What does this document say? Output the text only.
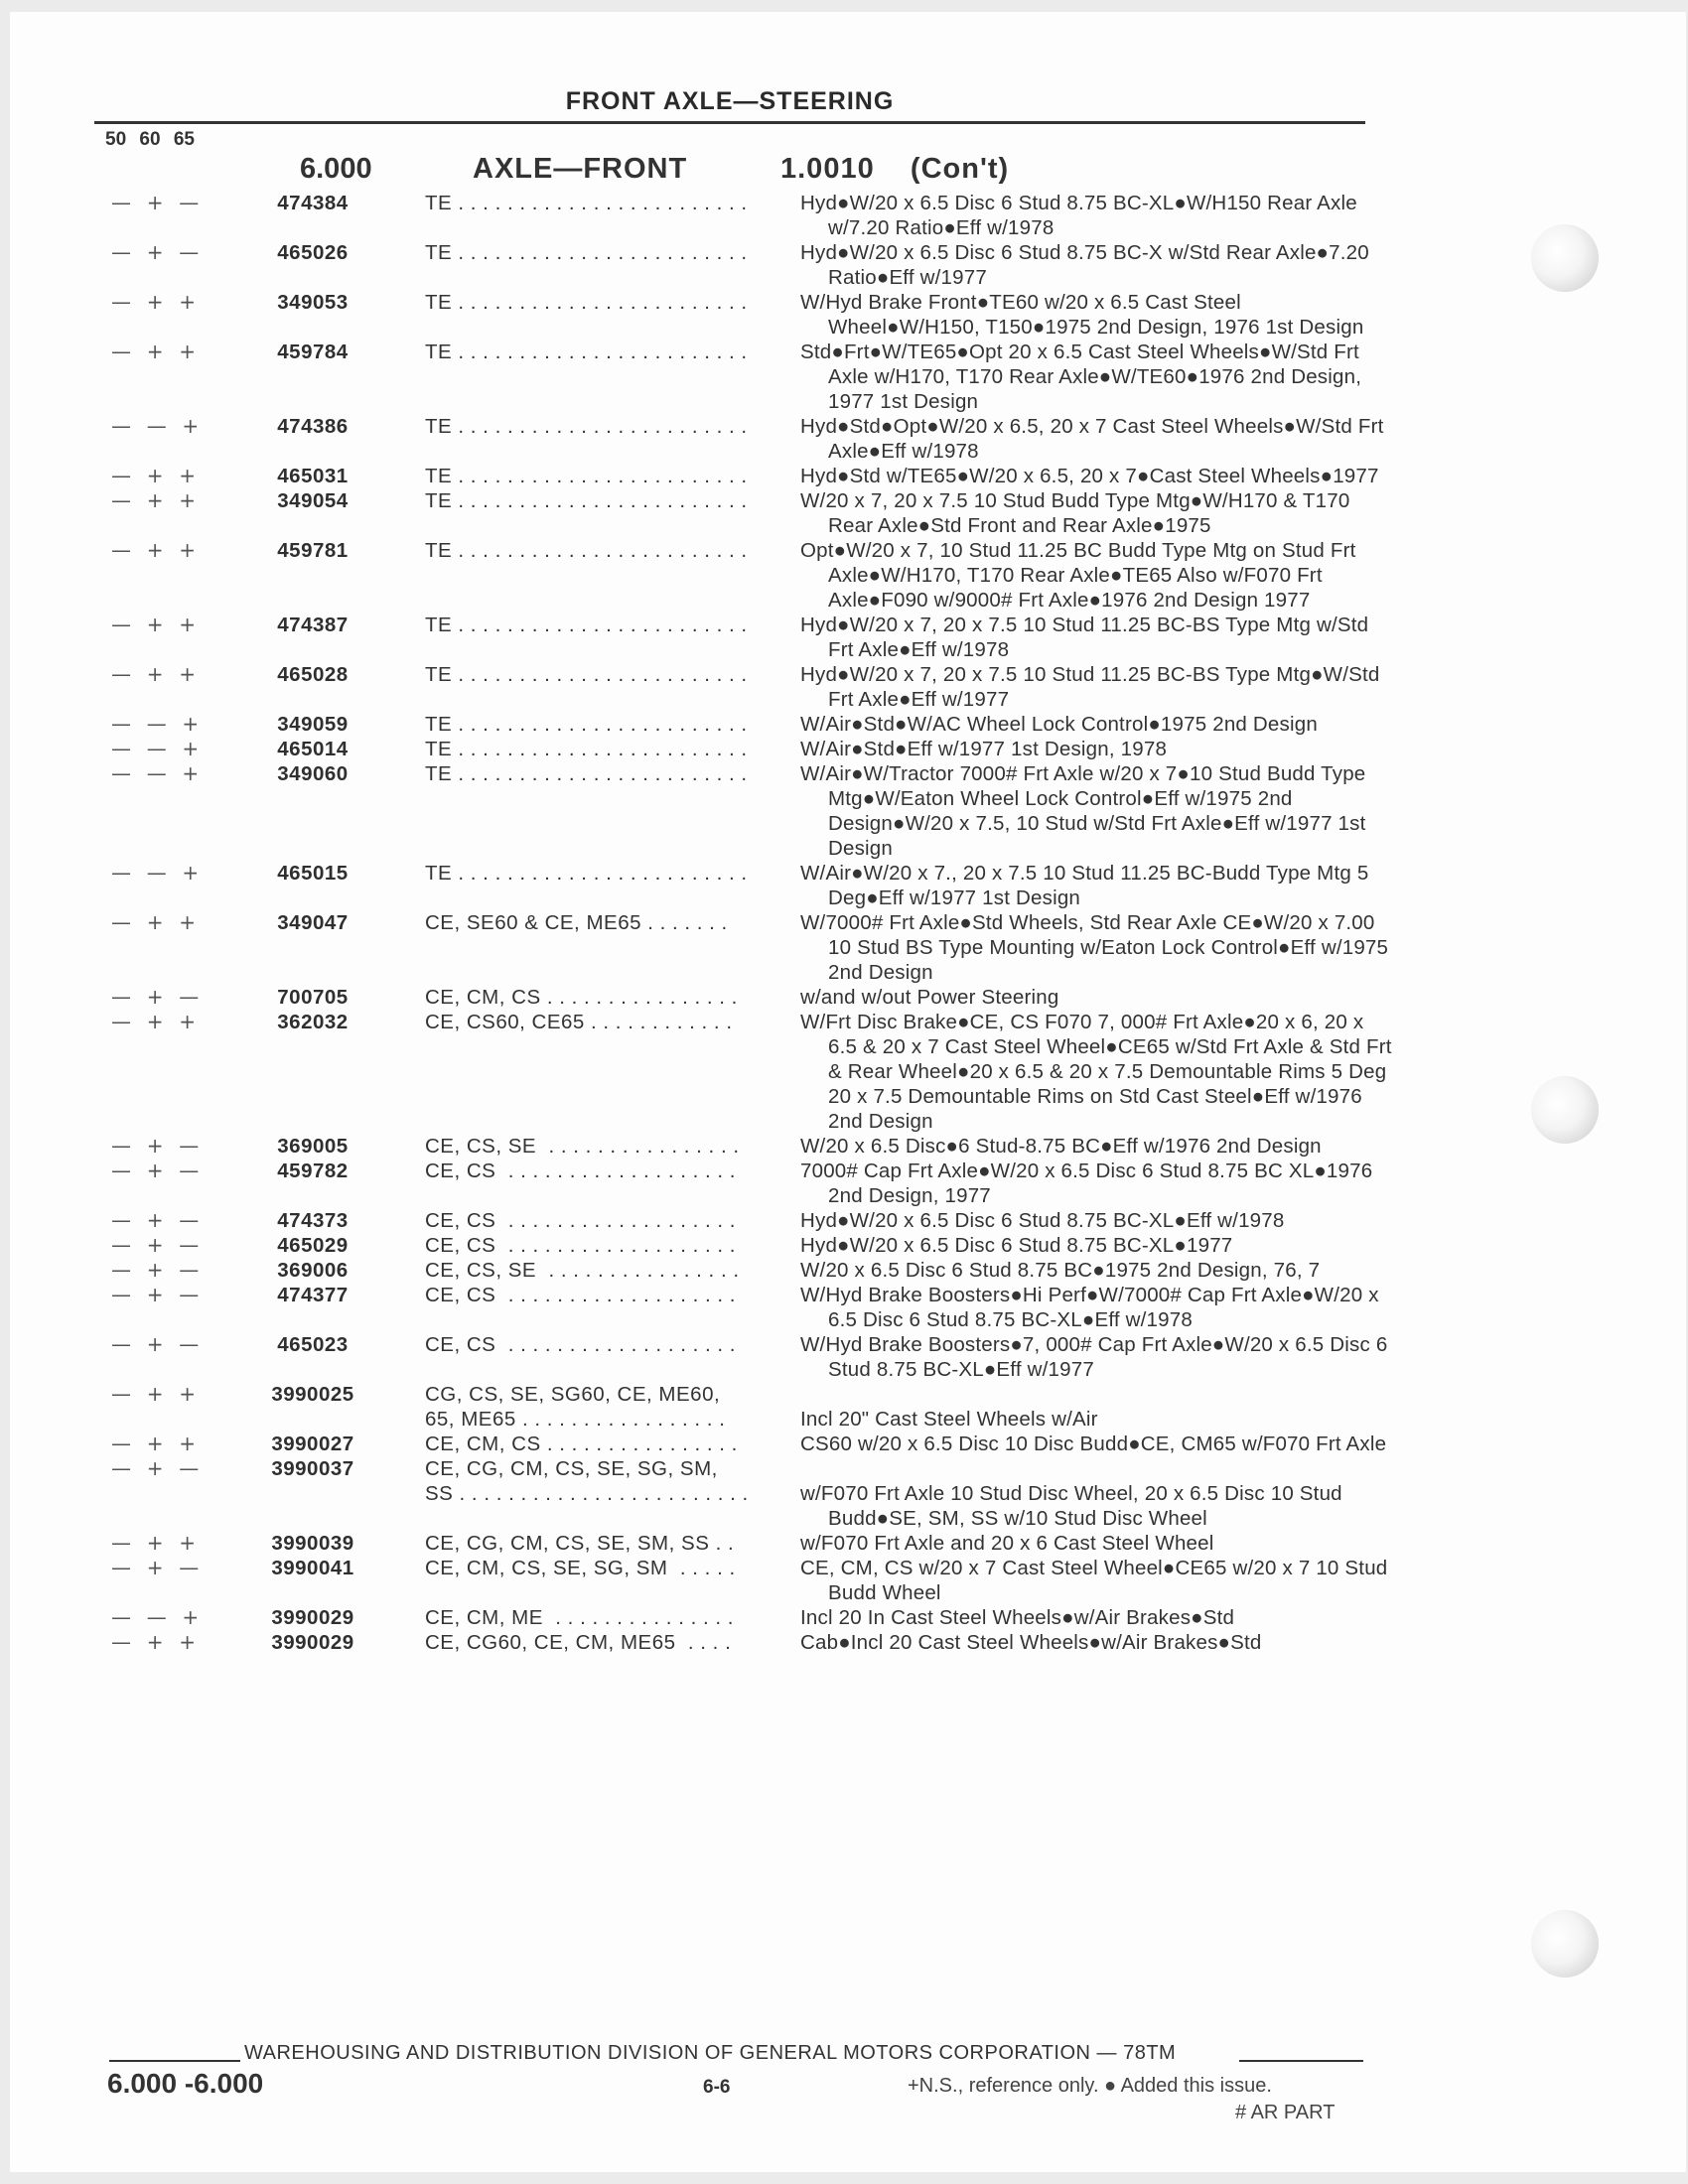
FRONT AXLE—STEERING
50 60 65
6.000	AXLE—FRONT	1.0010    (Con't)
—  +  —	474384	TE . . . . . . . . . . . . . . . . . . . . . . . .	Hyd●W/20 x 6.5 Disc 6 Stud 8.75 BC-XL●W/H150 Rear Axle w/7.20 Ratio●Eff w/1978
—  +  —	465026	TE . . . . . . . . . . . . . . . . . . . . . . . .	Hyd●W/20 x 6.5 Disc 6 Stud 8.75 BC-X w/Std Rear Axle●7.20 Ratio●Eff w/1977
—  +  +	349053	TE . . . . . . . . . . . . . . . . . . . . . . . .	W/Hyd Brake Front●TE60 w/20 x 6.5 Cast Steel Wheel●W/H150, T150●1975 2nd Design, 1976 1st Design
—  +  +	459784	TE . . . . . . . . . . . . . . . . . . . . . . . .	Std●Frt●W/TE65●Opt 20 x 6.5 Cast Steel Wheels●W/Std Frt Axle w/H170, T170 Rear Axle●W/TE60●1976 2nd Design, 1977 1st Design
—  —  +	474386	TE . . . . . . . . . . . . . . . . . . . . . . . .	Hyd●Std●Opt●W/20 x 6.5, 20 x 7 Cast Steel Wheels●W/Std Frt Axle●Eff w/1978
—  +  +	465031	TE . . . . . . . . . . . . . . . . . . . . . . . .	Hyd●Std w/TE65●W/20 x 6.5, 20 x 7●Cast Steel Wheels●1977
—  +  +	349054	TE . . . . . . . . . . . . . . . . . . . . . . . .	W/20 x 7, 20 x 7.5 10 Stud Budd Type Mtg●W/H170 & T170 Rear Axle●Std Front and Rear Axle●1975
—  +  +	459781	TE . . . . . . . . . . . . . . . . . . . . . . . .	Opt●W/20 x 7, 10 Stud 11.25 BC Budd Type Mtg on Stud Frt Axle●W/H170, T170 Rear Axle●TE65 Also w/F070 Frt Axle●F090 w/9000# Frt Axle●1976 2nd Design 1977
—  +  +	474387	TE . . . . . . . . . . . . . . . . . . . . . . . .	Hyd●W/20 x 7, 20 x 7.5 10 Stud 11.25 BC-BS Type Mtg w/Std Frt Axle●Eff w/1978
—  +  +	465028	TE . . . . . . . . . . . . . . . . . . . . . . . .	Hyd●W/20 x 7, 20 x 7.5 10 Stud 11.25 BC-BS Type Mtg●W/Std Frt Axle●Eff w/1977
—  —  +	349059	TE . . . . . . . . . . . . . . . . . . . . . . . .	W/Air●Std●W/AC Wheel Lock Control●1975 2nd Design
—  —  +	465014	TE . . . . . . . . . . . . . . . . . . . . . . . .	W/Air●Std●Eff w/1977 1st Design, 1978
—  —  +	349060	TE . . . . . . . . . . . . . . . . . . . . . . . .	W/Air●W/Tractor 7000# Frt Axle w/20 x 7●10 Stud Budd Type Mtg●W/Eaton Wheel Lock Control●Eff w/1975 2nd Design●W/20 x 7.5, 10 Stud w/Std Frt Axle●Eff w/1977 1st Design
—  —  +	465015	TE . . . . . . . . . . . . . . . . . . . . . . . .	W/Air●W/20 x 7., 20 x 7.5 10 Stud 11.25 BC-Budd Type Mtg 5 Deg●Eff w/1977 1st Design
—  +  +	349047	CE, SE60 & CE, ME65 . . . . . . .	W/7000# Frt Axle●Std Wheels, Std Rear Axle CE●W/20 x 7.00 10 Stud BS Type Mounting w/Eaton Lock Control●Eff w/1975 2nd Design
—  +  —	700705	CE, CM, CS . . . . . . . . . . . . . . . .	w/and w/out Power Steering
—  +  +	362032	CE, CS60, CE65 . . . . . . . . . . . .	W/Frt Disc Brake●CE, CS F070 7, 000# Frt Axle●20 x 6, 20 x 6.5 & 20 x 7 Cast Steel Wheel●CE65 w/Std Frt Axle & Std Frt & Rear Wheel●20 x 6.5 & 20 x 7.5 Demountable Rims 5 Deg 20 x 7.5 Demountable Rims on Std Cast Steel●Eff w/1976 2nd Design
—  +  —	369005	CE, CS, SE  . . . . . . . . . . . . . . . .	W/20 x 6.5 Disc●6 Stud-8.75 BC●Eff w/1976 2nd Design
—  +  —	459782	CE, CS  . . . . . . . . . . . . . . . . . . .	7000# Cap Frt Axle●W/20 x 6.5 Disc 6 Stud 8.75 BC XL●1976 2nd Design, 1977
—  +  —	474373	CE, CS  . . . . . . . . . . . . . . . . . . .	Hyd●W/20 x 6.5 Disc 6 Stud 8.75 BC-XL●Eff w/1978
—  +  —	465029	CE, CS  . . . . . . . . . . . . . . . . . . .	Hyd●W/20 x 6.5 Disc 6 Stud 8.75 BC-XL●1977
—  +  —	369006	CE, CS, SE  . . . . . . . . . . . . . . . .	W/20 x 6.5 Disc 6 Stud 8.75 BC●1975 2nd Design, 76, 7
—  +  —	474377	CE, CS  . . . . . . . . . . . . . . . . . . .	W/Hyd Brake Boosters●Hi Perf●W/7000# Cap Frt Axle●W/20 x 6.5 Disc 6 Stud 8.75 BC-XL●Eff w/1978
—  +  —	465023	CE, CS  . . . . . . . . . . . . . . . . . . .	W/Hyd Brake Boosters●7, 000# Cap Frt Axle●W/20 x 6.5 Disc 6 Stud 8.75 BC-XL●Eff w/1977
—  +  +	3990025	CG, CS, SE, SG60, CE, ME60,
65, ME65 . . . . . . . . . . . . . . . . .	Incl 20" Cast Steel Wheels w/Air
—  +  +	3990027	CE, CM, CS . . . . . . . . . . . . . . . .	CS60 w/20 x 6.5 Disc 10 Disc Budd●CE, CM65 w/F070 Frt Axle
—  +  —	3990037	CE, CG, CM, CS, SE, SG, SM,
SS . . . . . . . . . . . . . . . . . . . . . . . .	w/F070 Frt Axle 10 Stud Disc Wheel, 20 x 6.5 Disc 10 Stud Budd●SE, SM, SS w/10 Stud Disc Wheel
—  +  +	3990039	CE, CG, CM, CS, SE, SM, SS . .	w/F070 Frt Axle and 20 x 6 Cast Steel Wheel
—  +  —	3990041	CE, CM, CS, SE, SG, SM  . . . . .	CE, CM, CS w/20 x 7 Cast Steel Wheel●CE65 w/20 x 7 10 Stud Budd Wheel
—  —  +	3990029	CE, CM, ME  . . . . . . . . . . . . . . .	Incl 20 In Cast Steel Wheels●w/Air Brakes●Std
—  +  +	3990029	CE, CG60, CE, CM, ME65  . . . .	Cab●Incl 20 Cast Steel Wheels●w/Air Brakes●Std
WAREHOUSING AND DISTRIBUTION DIVISION OF GENERAL MOTORS CORPORATION — 78TM
6.000 -6.000	6-6	+N.S., reference only. ● Added this issue.
# AR PART
